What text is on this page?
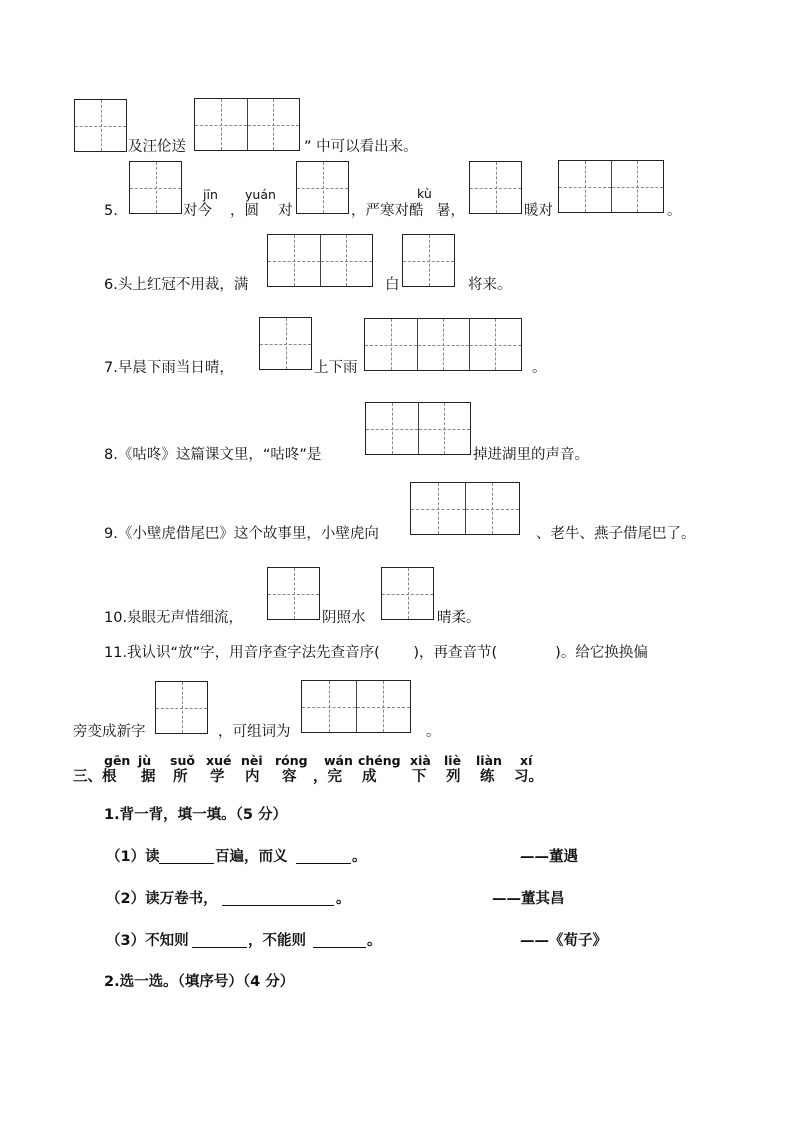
及汪伦送	” 中可以看出来。
5.
jīn yuán
对今 ，圆 对
kù
，严寒对酷 暑，	暖对	。
6.头上红冠不用裁，满	白	将来。
7.早晨下雨当日晴，	上下雨	。
8.《咕咚》这篇课文里，“咕咚”是	掉进湖里的声音。
9.《小壁虎借尾巴》这个故事里，小壁虎向	、老牛、燕子借尾巴了。
10.泉眼无声惜细流，	阴照水	晴柔。
11.我认识“放”字，用音序查字法先查音序(　　 )，再查音节(　　　　)。给它换换偏
旁变成新字	，可组词为	。
gēn jù suǒ xué nèi róng wán chéng xià liè liàn xí
三、根 据 所 学 内 容 ，完 成 下 列 练 习。
1.背一背，填一填。（5 分）
（1）读	百遍，而义	。	——董遇
（2）读万卷书，	。	——董其昌
（3）不知则	，不能则	。	——《荀子》
2.选一选。（填序号）（4 分）
